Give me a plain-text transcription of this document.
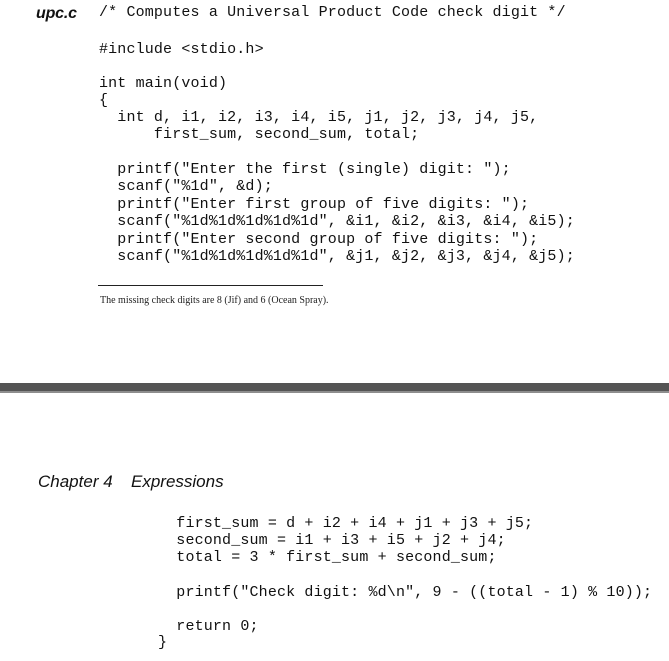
upc.c /* Computes a Universal Product Code check digit */
#include <stdio.h>
int main(void)
{
int d, i1, i2, i3, i4, i5, j1, j2, j3, j4, j5,
first_sum, second_sum, total;
printf("Enter the first (single) digit: ");
scanf("%1d", &d);
printf("Enter first group of five digits: ");
scanf("%1d%1d%1d%1d%1d", &i1, &i2, &i3, &i4, &i5);
printf("Enter second group of five digits: ");
scanf("%1d%1d%1d%1d%1d", &j1, &j2, &j3, &j4, &j5);
The missing check digits are 8 (Jif) and 6 (Ocean Spray).
Chapter 4 Expressions
first_sum = d + i2 + i4 + j1 + j3 + j5;
second_sum = i1 + i3 + i5 + j2 + j4;
total = 3 * first_sum + second_sum;
printf("Check digit: %d\n", 9 - ((total - 1) % 10));
return 0;
}
